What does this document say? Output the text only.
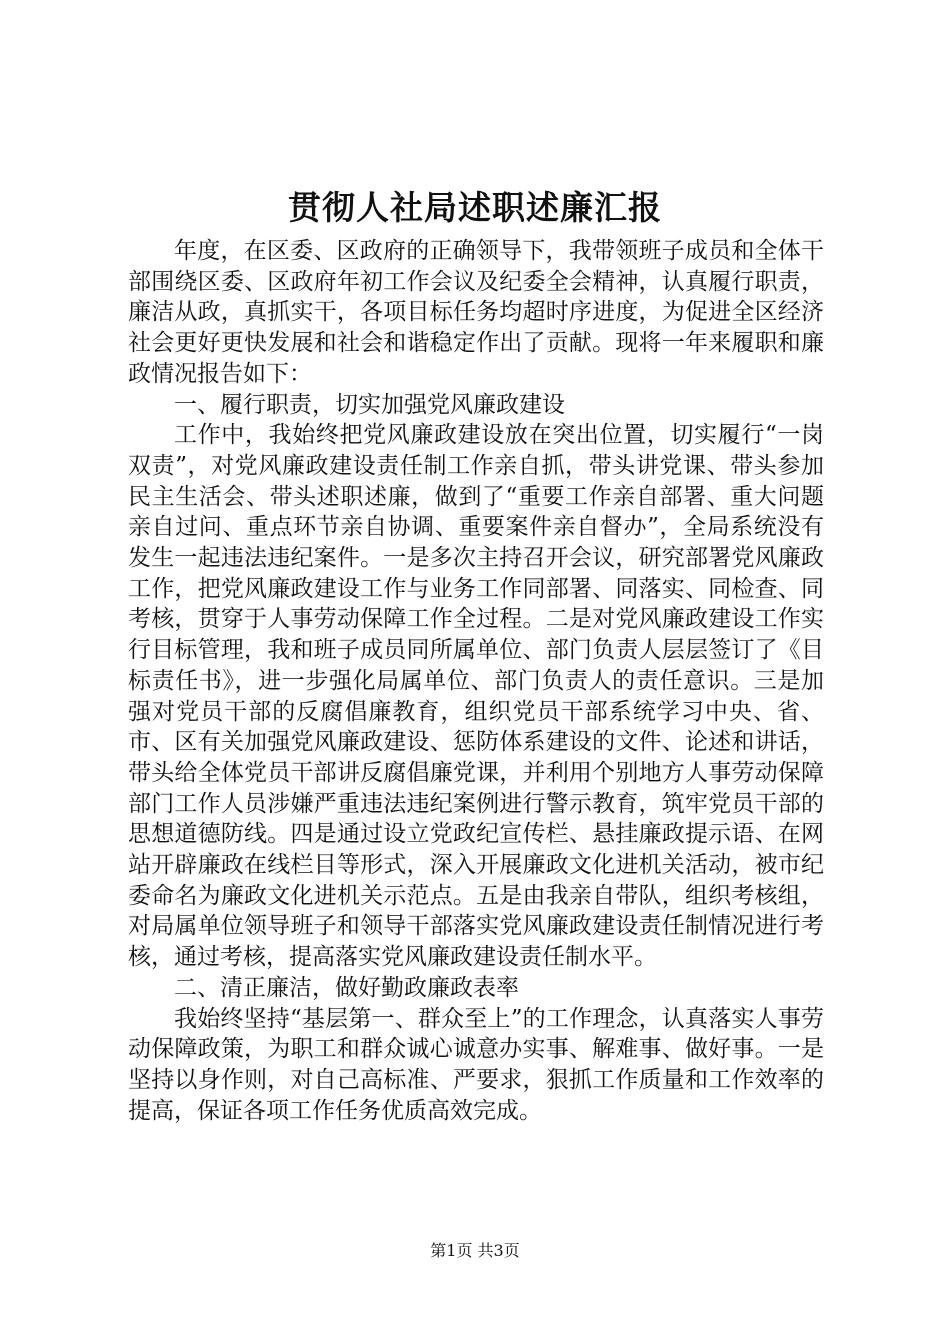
贯彻人社局述职述廉汇报

年度，在区委、区政府的正确领导下，我带领班子成员和全体干部围绕区委、区政府年初工作会议及纪委全会精神，认真履行职责，廉洁从政，真抓实干，各项目标任务均超时序进度，为促进全区经济社会更好更快发展和社会和谐稳定作出了贡献。现将一年来履职和廉政情况报告如下：

一、履行职责，切实加强党风廉政建设

工作中，我始终把党风廉政建设放在突出位置，切实履行“一岗双责”，对党风廉政建设责任制工作亲自抓，带头讲党课、带头参加民主生活会、带头述职述廉，做到了“重要工作亲自部署、重大问题亲自过问、重点环节亲自协调、重要案件亲自督办”，全局系统没有发生一起违法违纪案件。一是多次主持召开会议，研究部署党风廉政工作，把党风廉政建设工作与业务工作同部署、同落实、同检查、同考核，贯穿于人事劳动保障工作全过程。二是对党风廉政建设工作实行目标管理，我和班子成员同所属单位、部门负责人层层签订了《目标责任书》，进一步强化局属单位、部门负责人的责任意识。三是加强对党员干部的反腐倡廉教育，组织党员干部系统学习中央、省、市、区有关加强党风廉政建设、惩防体系建设的文件、论述和讲话，带头给全体党员干部讲反腐倡廉党课，并利用个别地方人事劳动保障部门工作人员涉嫌严重违法违纪案例进行警示教育，筑牢党员干部的思想道德防线。四是通过设立党政纪宣传栏、悬挂廉政提示语、在网站开辟廉政在线栏目等形式，深入开展廉政文化进机关活动，被市纪委命名为廉政文化进机关示范点。五是由我亲自带队，组织考核组，对局属单位领导班子和领导干部落实党风廉政建设责任制情况进行考核，通过考核，提高落实党风廉政建设责任制水平。

二、清正廉洁，做好勤政廉政表率

我始终坚持“基层第一、群众至上”的工作理念，认真落实人事劳动保障政策，为职工和群众诚心诚意办实事、解难事、做好事。一是坚持以身作则，对自己高标准、严要求，狠抓工作质量和工作效率的提高，保证各项工作任务优质高效完成。

第1页 共3页
